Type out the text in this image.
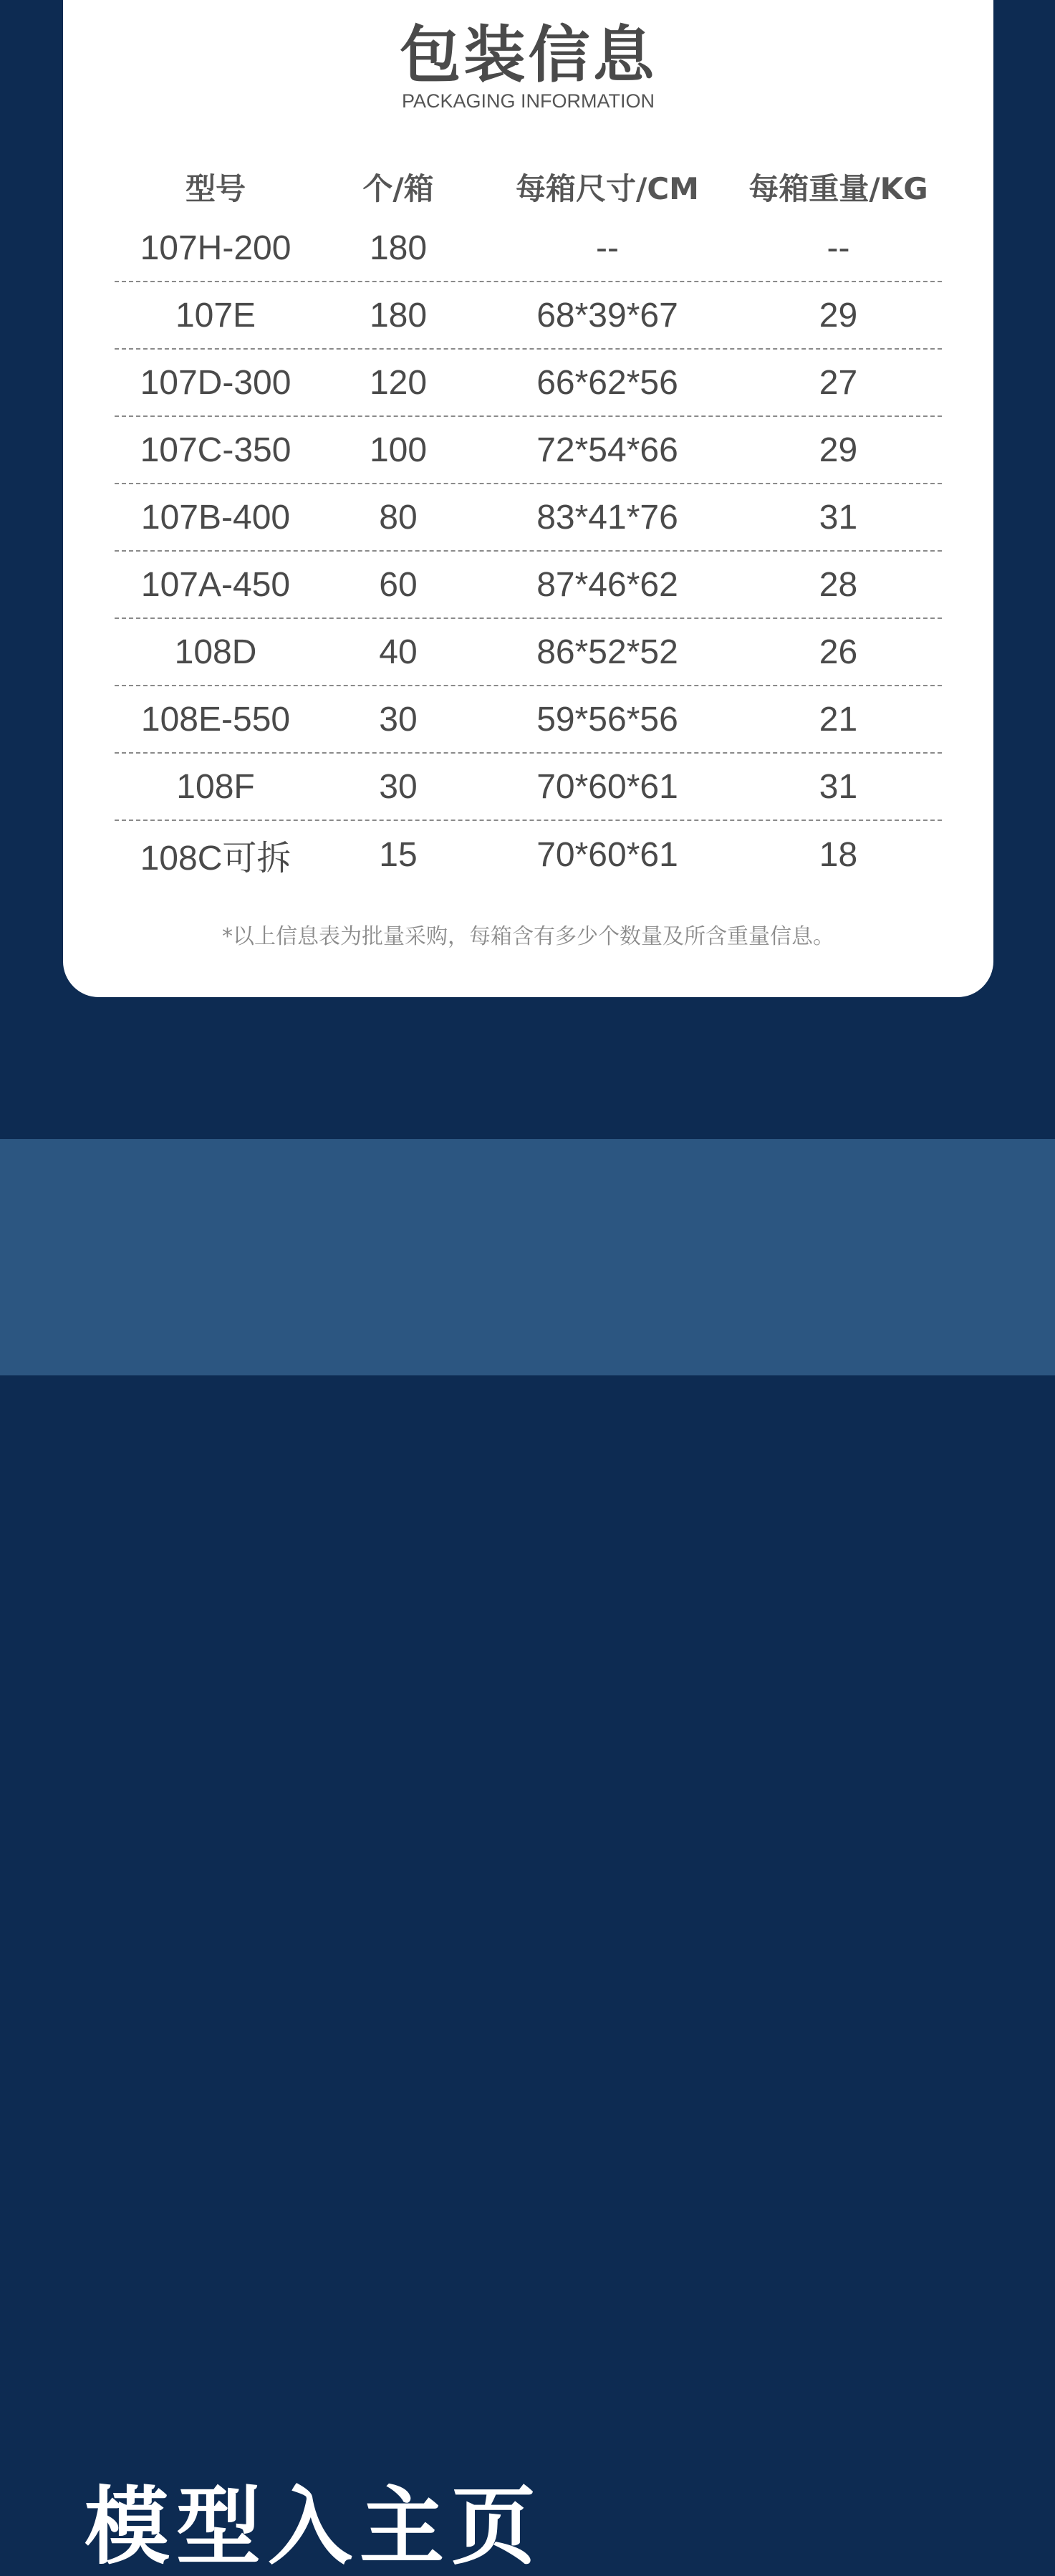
包装信息
PACKAGING INFORMATION
型号	个/箱	每箱尺寸/CM	每箱重量/KG
107H-200	180	--	--
107E	180	68*39*67	29
107D-300	120	66*62*56	27
107C-350	100	72*54*66	29
107B-400	80	83*41*76	31
107A-450	60	87*46*62	28
108D	40	86*52*52	26
108E-550	30	59*56*56	21
108F	30	70*60*61	31
108C可拆	15	70*60*61	18
*以上信息表为批量采购，每箱含有多少个数量及所含重量信息。
模型入主页
